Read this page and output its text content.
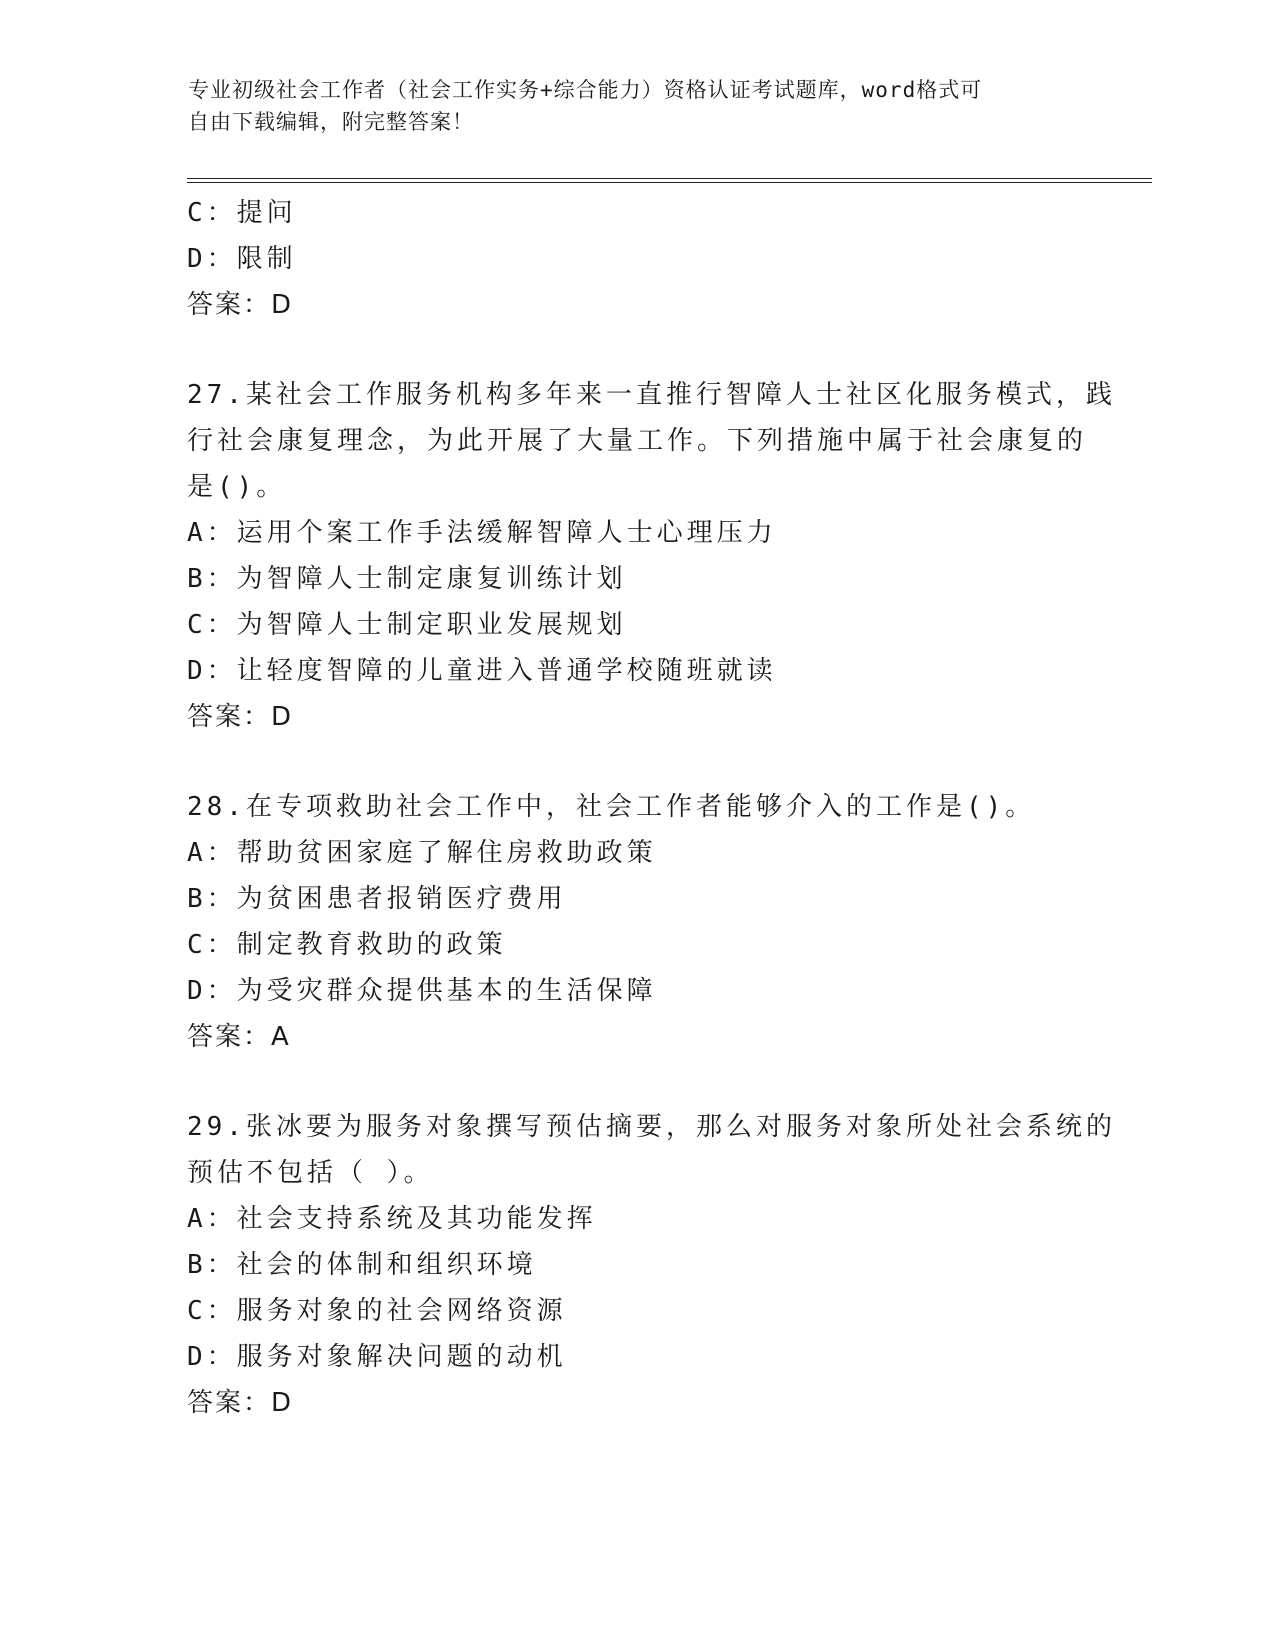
专业初级社会工作者（社会工作实务+综合能力）资格认证考试题库，word格式可
自由下载编辑，附完整答案！
C：提问
D：限制
答案：D
27.某社会工作服务机构多年来一直推行智障人士社区化服务模式，践
行社会康复理念，为此开展了大量工作。下列措施中属于社会康复的
是()。
A：运用个案工作手法缓解智障人士心理压力
B：为智障人士制定康复训练计划
C：为智障人士制定职业发展规划
D：让轻度智障的儿童进入普通学校随班就读
答案：D
28.在专项救助社会工作中，社会工作者能够介入的工作是()。
A：帮助贫困家庭了解住房救助政策
B：为贫困患者报销医疗费用
C：制定教育救助的政策
D：为受灾群众提供基本的生活保障
答案：A
29.张冰要为服务对象撰写预估摘要，那么对服务对象所处社会系统的
预估不包括（ ）。
A：社会支持系统及其功能发挥
B：社会的体制和组织环境
C：服务对象的社会网络资源
D：服务对象解决问题的动机
答案：D
